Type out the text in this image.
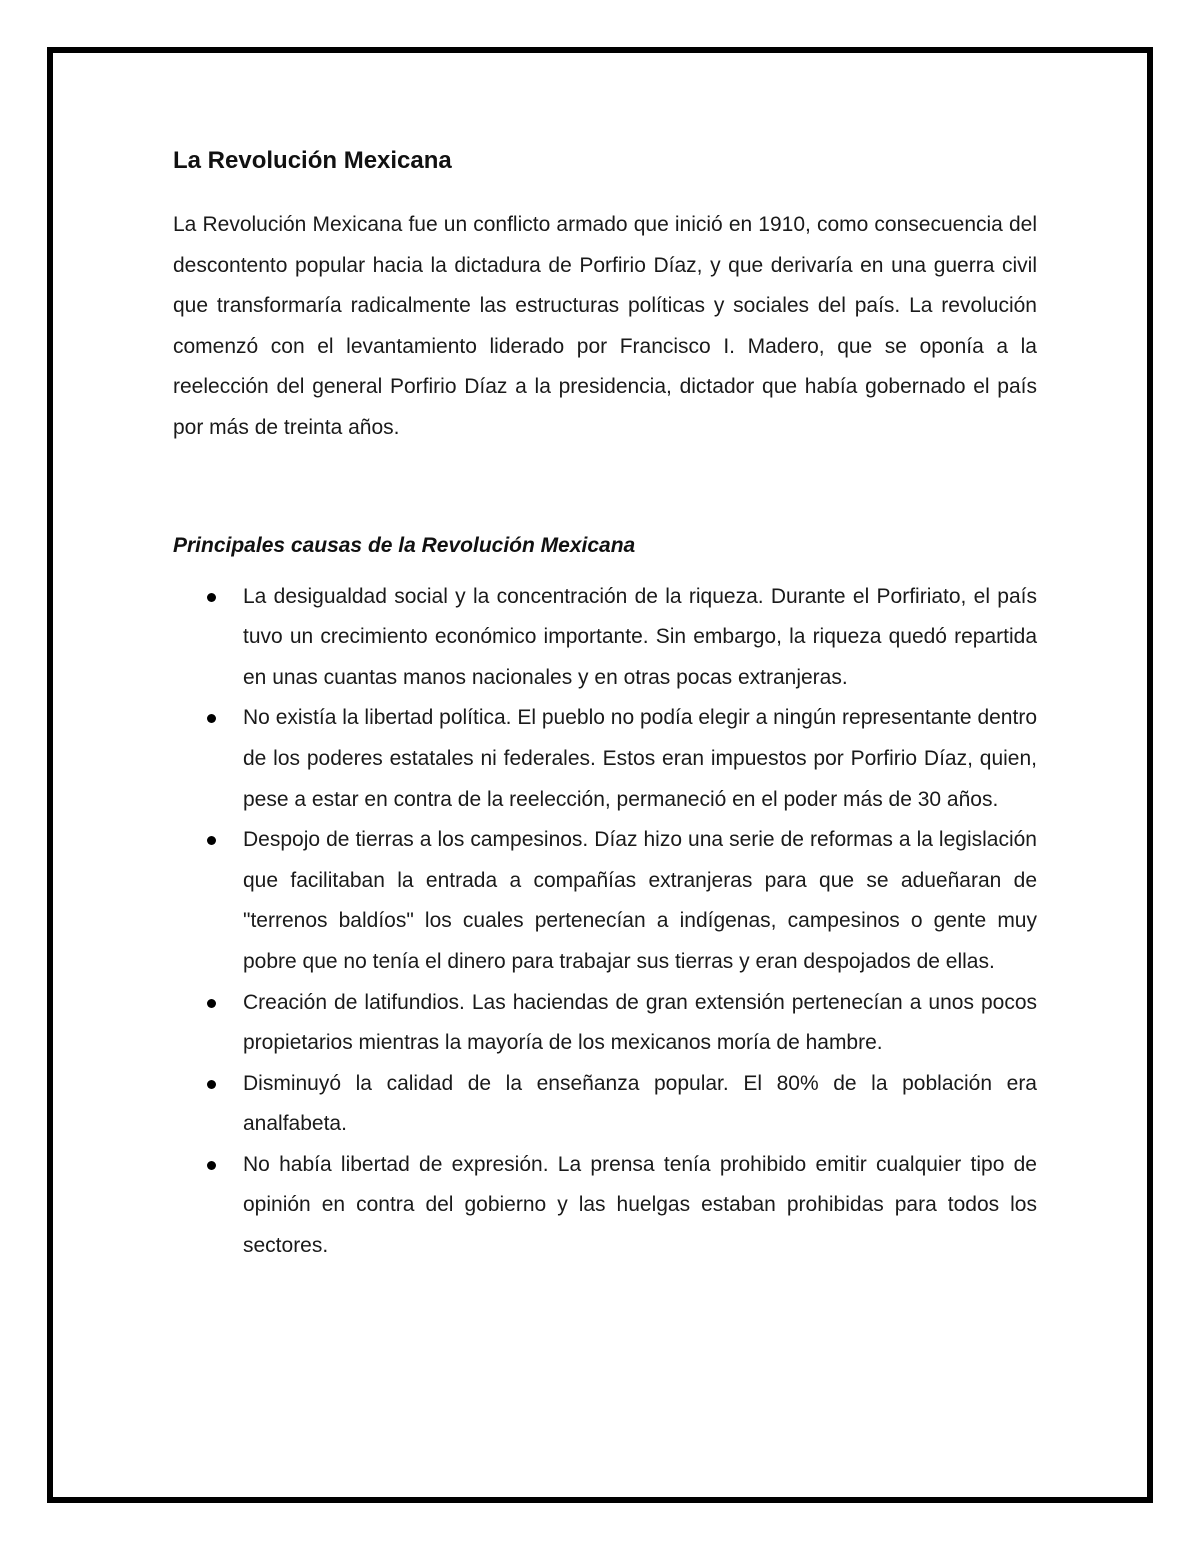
La Revolución Mexicana

La Revolución Mexicana fue un conflicto armado que inició en 1910, como consecuencia del descontento popular hacia la dictadura de Porfirio Díaz, y que derivaría en una guerra civil que transformaría radicalmente las estructuras políticas y sociales del país. La revolución comenzó con el levantamiento liderado por Francisco I. Madero, que se oponía a la reelección del general Porfirio Díaz a la presidencia, dictador que había gobernado el país por más de treinta años.

Principales causas de la Revolución Mexicana
La desigualdad social y la concentración de la riqueza. Durante el Porfiriato, el país tuvo un crecimiento económico importante. Sin embargo, la riqueza quedó repartida en unas cuantas manos nacionales y en otras pocas extranjeras.
No existía la libertad política. El pueblo no podía elegir a ningún representante dentro de los poderes estatales ni federales. Estos eran impuestos por Porfirio Díaz, quien, pese a estar en contra de la reelección, permaneció en el poder más de 30 años.
Despojo de tierras a los campesinos. Díaz hizo una serie de reformas a la legislación que facilitaban la entrada a compañías extranjeras para que se adueñaran de "terrenos baldíos" los cuales pertenecían a indígenas, campesinos o gente muy pobre que no tenía el dinero para trabajar sus tierras y eran despojados de ellas.
Creación de latifundios. Las haciendas de gran extensión pertenecían a unos pocos propietarios mientras la mayoría de los mexicanos moría de hambre.
Disminuyó la calidad de la enseñanza popular. El 80% de la población era analfabeta.
No había libertad de expresión. La prensa tenía prohibido emitir cualquier tipo de opinión en contra del gobierno y las huelgas estaban prohibidas para todos los sectores.
